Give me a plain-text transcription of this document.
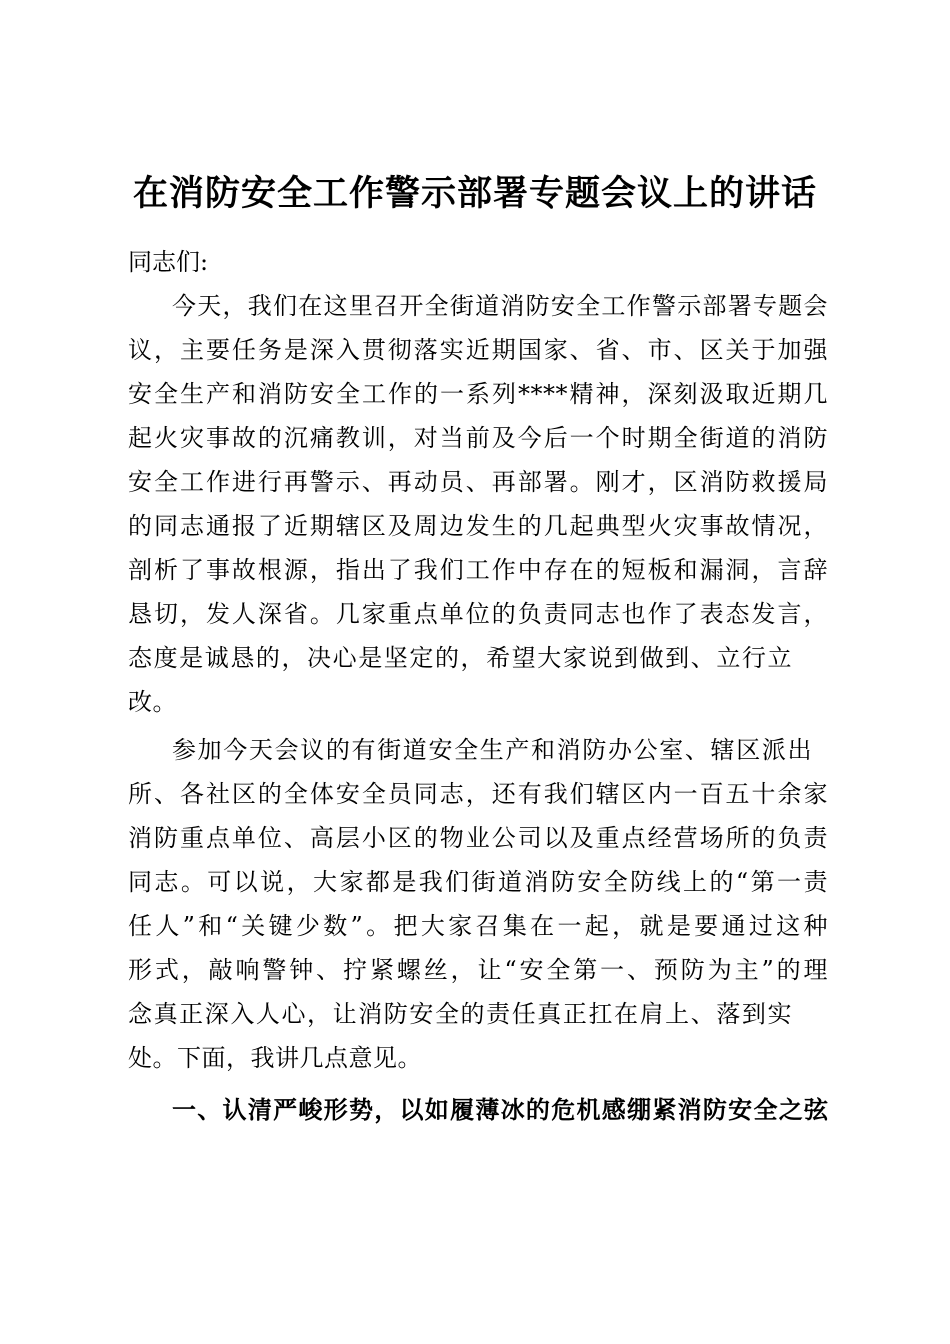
在消防安全工作警示部署专题会议上的讲话
同志们:
今天，我们在这里召开全街道消防安全工作警示部署专题会
议，主要任务是深入贯彻落实近期国家、省、市、区关于加强
安全生产和消防安全工作的一系列****精神，深刻汲取近期几
起火灾事故的沉痛教训，对当前及今后一个时期全街道的消防
安全工作进行再警示、再动员、再部署。刚才，区消防救援局
的同志通报了近期辖区及周边发生的几起典型火灾事故情况，
剖析了事故根源，指出了我们工作中存在的短板和漏洞，言辞
恳切，发人深省。几家重点单位的负责同志也作了表态发言，
态度是诚恳的，决心是坚定的，希望大家说到做到、立行立
改。
参加今天会议的有街道安全生产和消防办公室、辖区派出
所、各社区的全体安全员同志，还有我们辖区内一百五十余家
消防重点单位、高层小区的物业公司以及重点经营场所的负责
同志。可以说，大家都是我们街道消防安全防线上的“第一责
任人”和“关键少数”。把大家召集在一起，就是要通过这种
形式，敲响警钟、拧紧螺丝，让“安全第一、预防为主”的理
念真正深入人心，让消防安全的责任真正扛在肩上、落到实
处。下面，我讲几点意见。
一、认清严峻形势，以如履薄冰的危机感绷紧消防安全之弦
